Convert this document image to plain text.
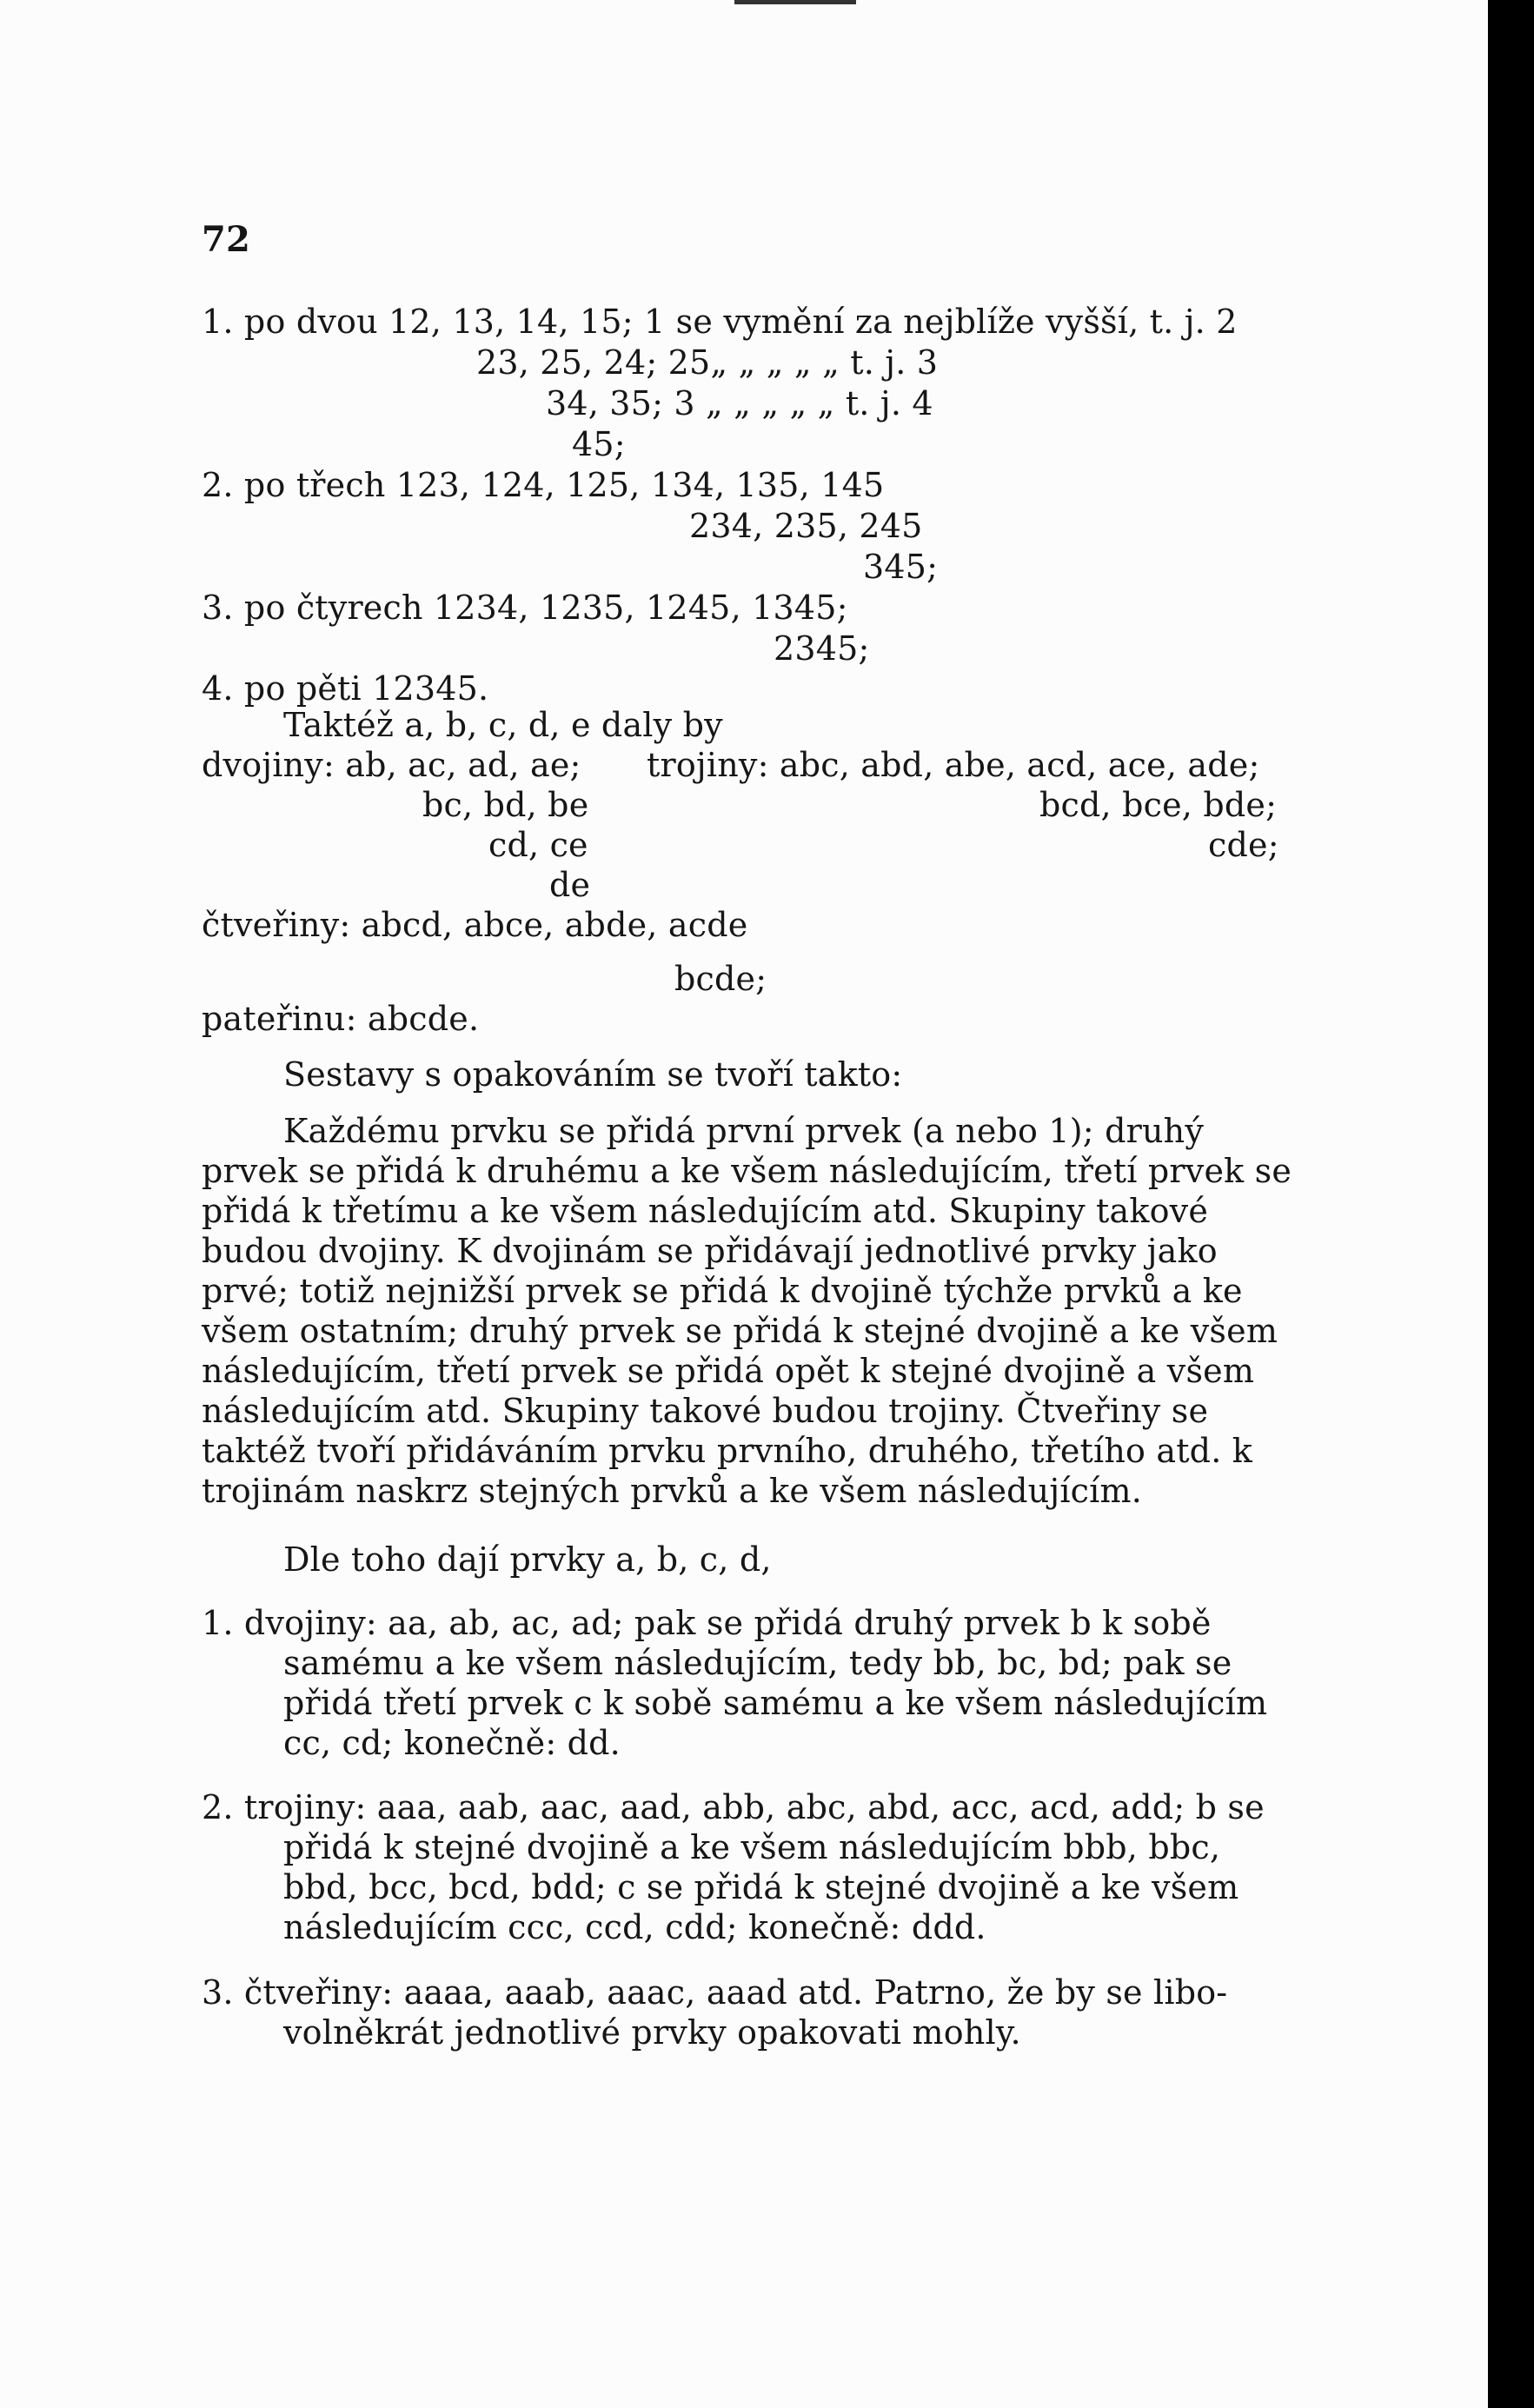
72
1. po dvou 12, 13, 14, 15; 1 se vymění za nejblíže vyšší, t. j. 2
23, 25, 24; 25„ „ „ „ „ t. j. 3
34, 35; 3 „ „ „ „ „ t. j. 4
45;
2. po třech 123, 124, 125, 134, 135, 145
234, 235, 245
345;
3. po čtyrech 1234, 1235, 1245, 1345;
2345;
4. po pěti 12345.
Taktéž a, b, c, d, e daly by
dvojiny: ab, ac, ad, ae; trojiny: abc, abd, abe, acd, ace, ade;
bc, bd, be	bcd, bce, bde;
cd, ce	cde;
de
čtveřiny: abcd, abce, abde, acde
bcde;
pateřinu: abcde.
Sestavy s opakováním se tvoří takto:
Každému prvku se přidá první prvek (a nebo 1); druhý
prvek se přidá k druhému a ke všem následujícím, třetí prvek se
přidá k třetímu a ke všem následujícím atd. Skupiny takové
budou dvojiny. K dvojinám se přidávají jednotlivé prvky jako
prvé; totiž nejnižší prvek se přidá k dvojině týchže prvků a ke
všem ostatním; druhý prvek se přidá k stejné dvojině a ke všem
následujícím, třetí prvek se přidá opět k stejné dvojině a všem
následujícím atd. Skupiny takové budou trojiny. Čtveřiny se
taktéž tvoří přidáváním prvku prvního, druhého, třetího atd. k
trojinám naskrz stejných prvků a ke všem následujícím.
Dle toho dají prvky a, b, c, d,
1. dvojiny: aa, ab, ac, ad; pak se přidá druhý prvek b k sobě
samému a ke všem následujícím, tedy bb, bc, bd; pak se
přidá třetí prvek c k sobě samému a ke všem následujícím
cc, cd; konečně: dd.
2. trojiny: aaa, aab, aac, aad, abb, abc, abd, acc, acd, add; b se
přidá k stejné dvojině a ke všem následujícím bbb, bbc,
bbd, bcc, bcd, bdd; c se přidá k stejné dvojině a ke všem
následujícím ccc, ccd, cdd; konečně: ddd.
3. čtveřiny: aaaa, aaab, aaac, aaad atd. Patrno, že by se libo-
volněkrát jednotlivé prvky opakovati mohly.
